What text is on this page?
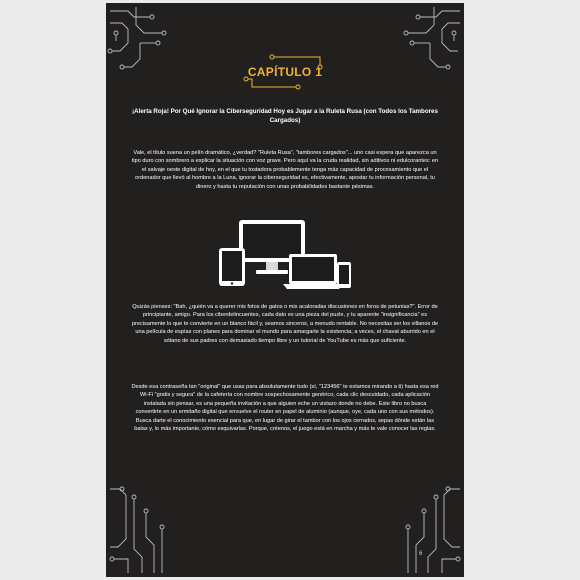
CAPÍTULO 1
¡Alerta Roja! Por Qué Ignorar la Ciberseguridad Hoy es Jugar a la Ruleta Rusa (con Todos los Tambores Cargados)

Vale, el título suena un pelín dramático, ¿verdad? "Ruleta Rusa", "tambores cargados"... uno casi espera que aparezca un tipo duro con sombrero a explicar la situación con voz grave. Pero aquí va la cruda realidad, sin aditivos ni edulcorantes: en el salvaje oeste digital de hoy, en el que tu tostadora probablemente tenga más capacidad de procesamiento que el ordenador que llevó al hombre a la Luna, ignorar la ciberseguridad es, efectivamente, apostar tu información personal, tu dinero y hasta tu reputación con unas probabilidades bastante pésimas.

Quizás pienses: "Bah, ¿quién va a querer mis fotos de gatos o mis acaloradas discusiones en foros de petunias?". Error de principiante, amigo. Para los ciberdelincuentes, cada dato es una pieza del puzle, y tu aparente "insignificancia" es precisamente lo que te convierte en un blanco fácil y, seamos sinceros, a menudo rentable. No necesitas ser los villanos de una película de espías con planes para dominar el mundo para amargarte la existencia; a veces, el chaval aburrido en el sótano de sus padres con demasiado tiempo libre y un tutorial de YouTube es más que suficiente.

Desde esa contraseña tan "original" que usas para absolutamente todo (sí, "123456" te estamos mirando a ti) hasta esa red Wi-Fi "gratis y segura" de la cafetería con nombre sospechosamente genérico, cada clic descuidado, cada aplicación instalada sin pensar, es una pequeña invitación a que alguien eche un vistazo donde no debe. Este libro no busca convertirte en un ermitaño digital que envuelve el router en papel de aluminio (aunque, oye, cada uno con sus métodos). Busca darte el conocimiento esencial para que, en lugar de girar el tambor con los ojos cerrados, sepas dónde están las balas y, lo más importante, cómo esquivarlas. Porque, créenos, el juego está en marcha y más te vale conocer las reglas.

6
